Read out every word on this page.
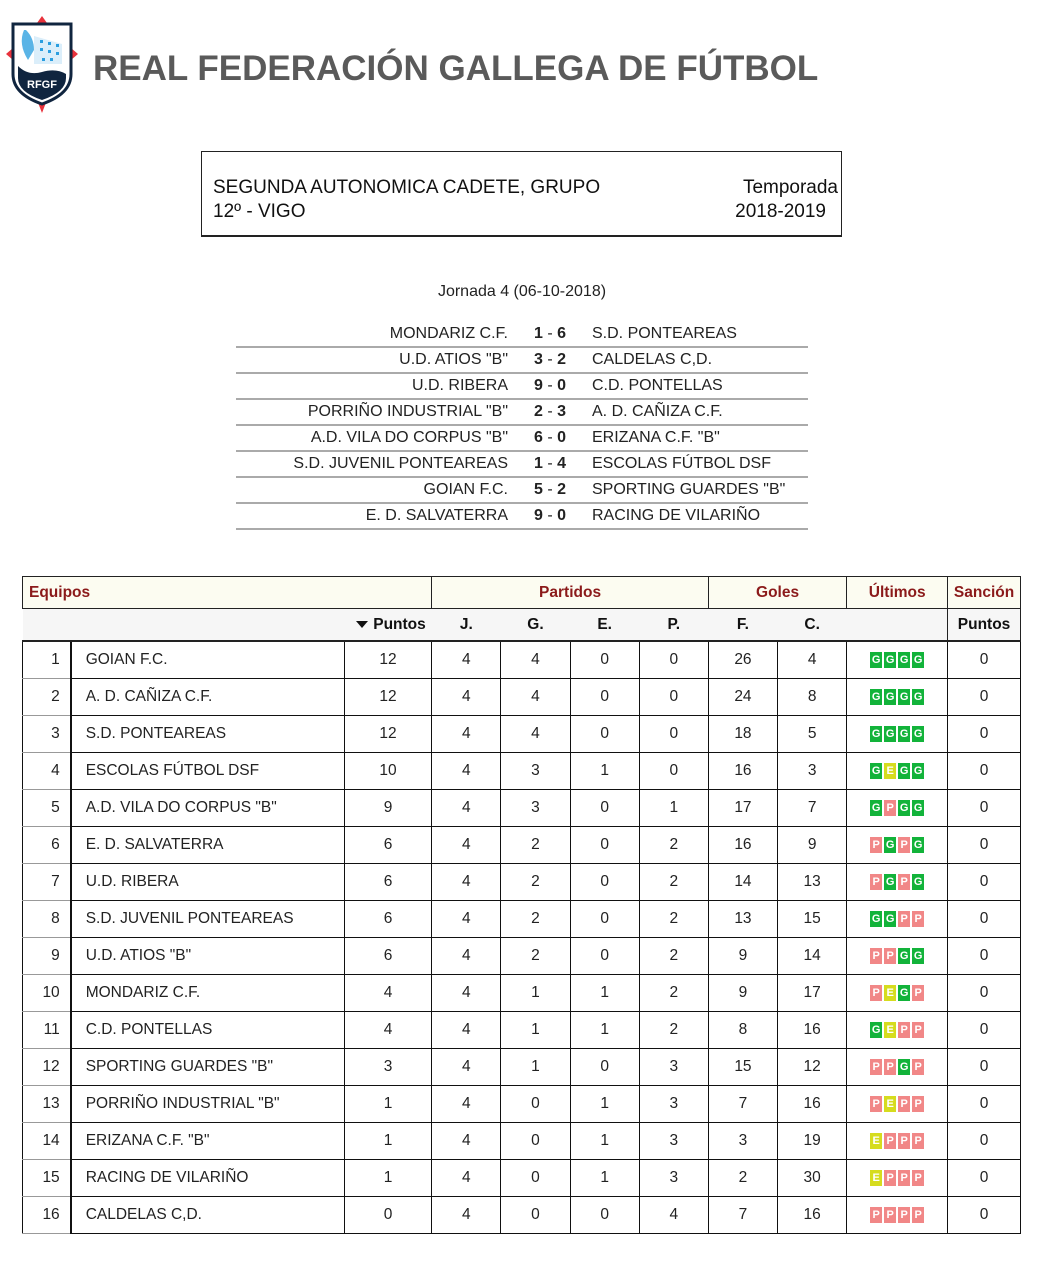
RFGF REAL FEDERACIÓN GALLEGA DE FÚTBOL
SEGUNDA AUTONOMICA CADETE, GRUPO
12º - VIGO
Temporada
2018-2019
Jornada 4 (06-10-2018)
MONDARIZ C.F.	1 - 6	S.D. PONTEAREAS
U.D. ATIOS "B"	3 - 2	CALDELAS C,D.
U.D. RIBERA	9 - 0	C.D. PONTELLAS
PORRIÑO INDUSTRIAL "B"	2 - 3	A. D. CAÑIZA C.F.
A.D. VILA DO CORPUS "B"	6 - 0	ERIZANA C.F. "B"
S.D. JUVENIL PONTEAREAS	1 - 4	ESCOLAS FÚTBOL DSF
GOIAN F.C.	5 - 2	SPORTING GUARDES "B"
E. D. SALVATERRA	9 - 0	RACING DE VILARIÑO
Equipos			Partidos				Goles		Últimos	Sanción
		Puntos	J.	G.	E.	P.	F.	C.		Puntos
1	GOIAN F.C.	12	4	4	0	0	26	4	G G G G	0
2	A. D. CAÑIZA C.F.	12	4	4	0	0	24	8	G G G G	0
3	S.D. PONTEAREAS	12	4	4	0	0	18	5	G G G G	0
4	ESCOLAS FÚTBOL DSF	10	4	3	1	0	16	3	G E G G	0
5	A.D. VILA DO CORPUS "B"	9	4	3	0	1	17	7	G P G G	0
6	E. D. SALVATERRA	6	4	2	0	2	16	9	P G P G	0
7	U.D. RIBERA	6	4	2	0	2	14	13	P G P G	0
8	S.D. JUVENIL PONTEAREAS	6	4	2	0	2	13	15	G G P P	0
9	U.D. ATIOS "B"	6	4	2	0	2	9	14	P P G G	0
10	MONDARIZ C.F.	4	4	1	1	2	9	17	P E G P	0
11	C.D. PONTELLAS	4	4	1	1	2	8	16	G E P P	0
12	SPORTING GUARDES "B"	3	4	1	0	3	15	12	P P G P	0
13	PORRIÑO INDUSTRIAL "B"	1	4	0	1	3	7	16	P E P P	0
14	ERIZANA C.F. "B"	1	4	0	1	3	3	19	E P P P	0
15	RACING DE VILARIÑO	1	4	0	1	3	2	30	E P P P	0
16	CALDELAS C,D.	0	4	0	0	4	7	16	P P P P	0
